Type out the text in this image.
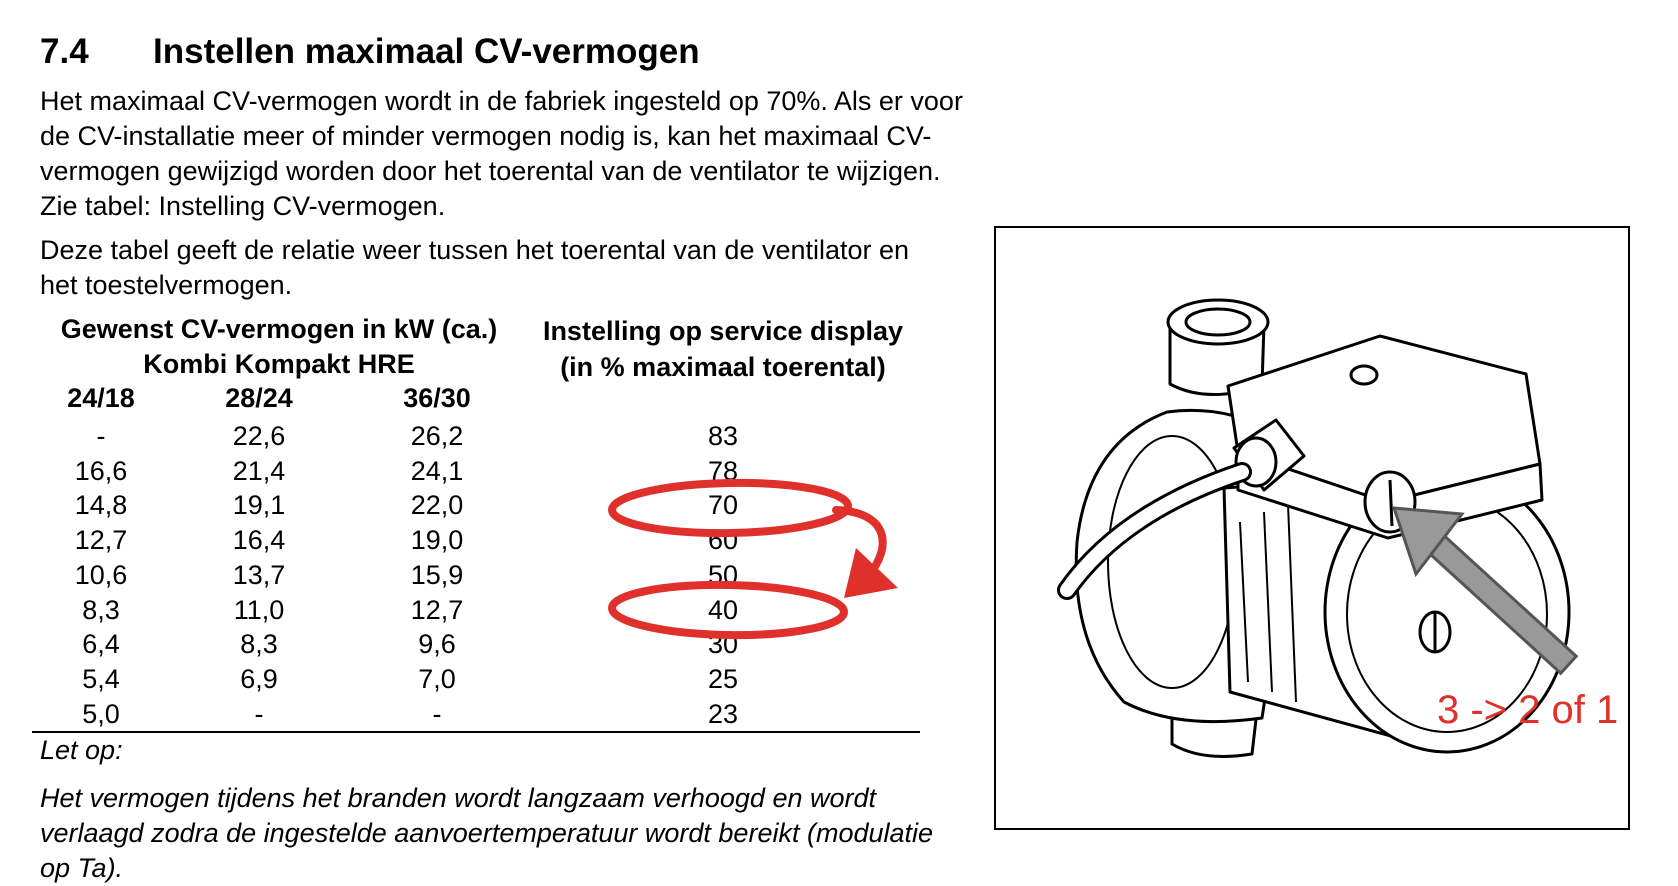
7.4 Instellen maximaal CV-vermogen

Het maximaal CV-vermogen wordt in de fabriek ingesteld op 70%. Als er voor de CV-installatie meer of minder vermogen nodig is, kan het maximaal CV-vermogen gewijzigd worden door het toerental van de ventilator te wijzigen. Zie tabel: Instelling CV-vermogen.

Deze tabel geeft de relatie weer tussen het toerental van de ventilator en het toestelvermogen.

Gewenst CV-vermogen in kW (ca.)			Instelling op service display
(in % maximaal toerental)

Kombi Kompakt HRE			
24/18	28/24	36/30	
-	22,6	26,2	83
16,6	21,4	24,1	78
14,8	19,1	22,0	70
12,7	16,4	19,0	60
10,6	13,7	15,9	50
8,3	11,0	12,7	40
6,4	8,3	9,6	30
5,4	6,9	7,0	25
5,0	-	-	23
Let op:

Het vermogen tijdens het branden wordt langzaam verhoogd en wordt verlaagd zodra de ingestelde aanvoertemperatuur wordt bereikt (modulatie op Ta).

3 -> 2 of 1
